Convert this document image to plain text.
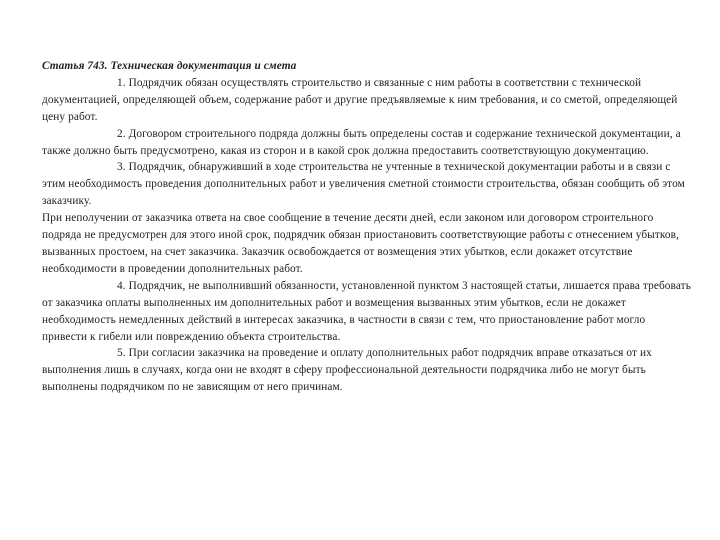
Статья 743. Техническая документация и смета

1. Подрядчик обязан осуществлять строительство и связанные с ним работы в соответствии с технической документацией, определяющей объем, содержание работ и другие предъявляемые к ним требования, и со сметой, определяющей цену работ.

2. Договором строительного подряда должны быть определены состав и содержание технической документации, а также должно быть предусмотрено, какая из сторон и в какой срок должна предоставить соответствующую документацию.

3. Подрядчик, обнаруживший в ходе строительства не учтенные в технической документации работы и в связи с этим необходимость проведения дополнительных работ и увеличения сметной стоимости строительства, обязан сообщить об этом заказчику.

При неполучении от заказчика ответа на свое сообщение в течение десяти дней, если законом или договором строительного подряда не предусмотрен для этого иной срок, подрядчик обязан приостановить соответствующие работы с отнесением убытков, вызванных простоем, на счет заказчика. Заказчик освобождается от возмещения этих убытков, если докажет отсутствие необходимости в проведении дополнительных работ.

4. Подрядчик, не выполнивший обязанности, установленной пунктом 3 настоящей статьи, лишается права требовать от заказчика оплаты выполненных им дополнительных работ и возмещения вызванных этим убытков, если не докажет необходимость немедленных действий в интересах заказчика, в частности в связи с тем, что приостановление работ могло привести к гибели или повреждению объекта строительства.

5. При согласии заказчика на проведение и оплату дополнительных работ подрядчик вправе отказаться от их выполнения лишь в случаях, когда они не входят в сферу профессиональной деятельности подрядчика либо не могут быть выполнены подрядчиком по не зависящим от него причинам.
